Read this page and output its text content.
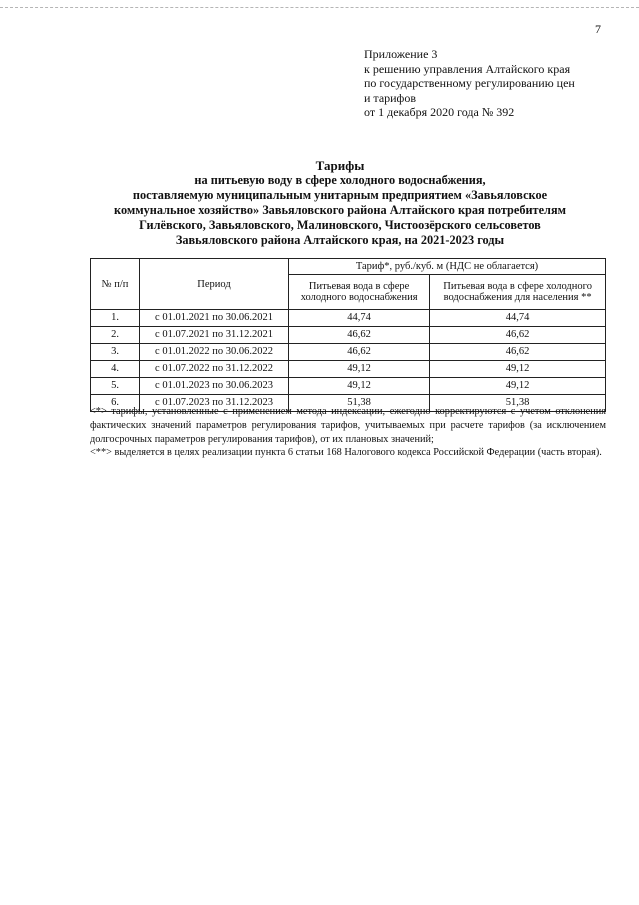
7
Приложение 3
к решению управления Алтайского края
по государственному регулированию цен
и тарифов
от 1 декабря 2020 года № 392
Тарифы
на питьевую воду в сфере холодного водоснабжения,
поставляемую муниципальным унитарным предприятием «Завьяловское
коммунальное хозяйство» Завьяловского района Алтайского края потребителям
Гилёвского, Завьяловского, Малиновского, Чистоозёрского сельсоветов
Завьяловского района Алтайского края, на 2021-2023 годы
№ п/п	Период	Тариф*, руб./куб. м (НДС не облагается)	
		Питьевая вода в сфере холодного водоснабжения	Питьевая вода в сфере холодного водоснабжения для населения **
1.	с 01.01.2021 по 30.06.2021	44,74	44,74
2.	с 01.07.2021 по 31.12.2021	46,62	46,62
3.	с 01.01.2022 по 30.06.2022	46,62	46,62
4.	с 01.07.2022 по 31.12.2022	49,12	49,12
5.	с 01.01.2023 по 30.06.2023	49,12	49,12
6.	с 01.07.2023 по 31.12.2023	51,38	51,38

<*> тарифы, установленные с применением метода индексации, ежегодно корректируются с учетом отклонения фактических значений параметров регулирования тарифов, учитываемых при расчете тарифов (за исключением долгосрочных параметров регулирования тарифов), от их плановых значений;

<**> выделяется в целях реализации пункта 6 статьи 168 Налогового кодекса Российской Федерации (часть вторая).
